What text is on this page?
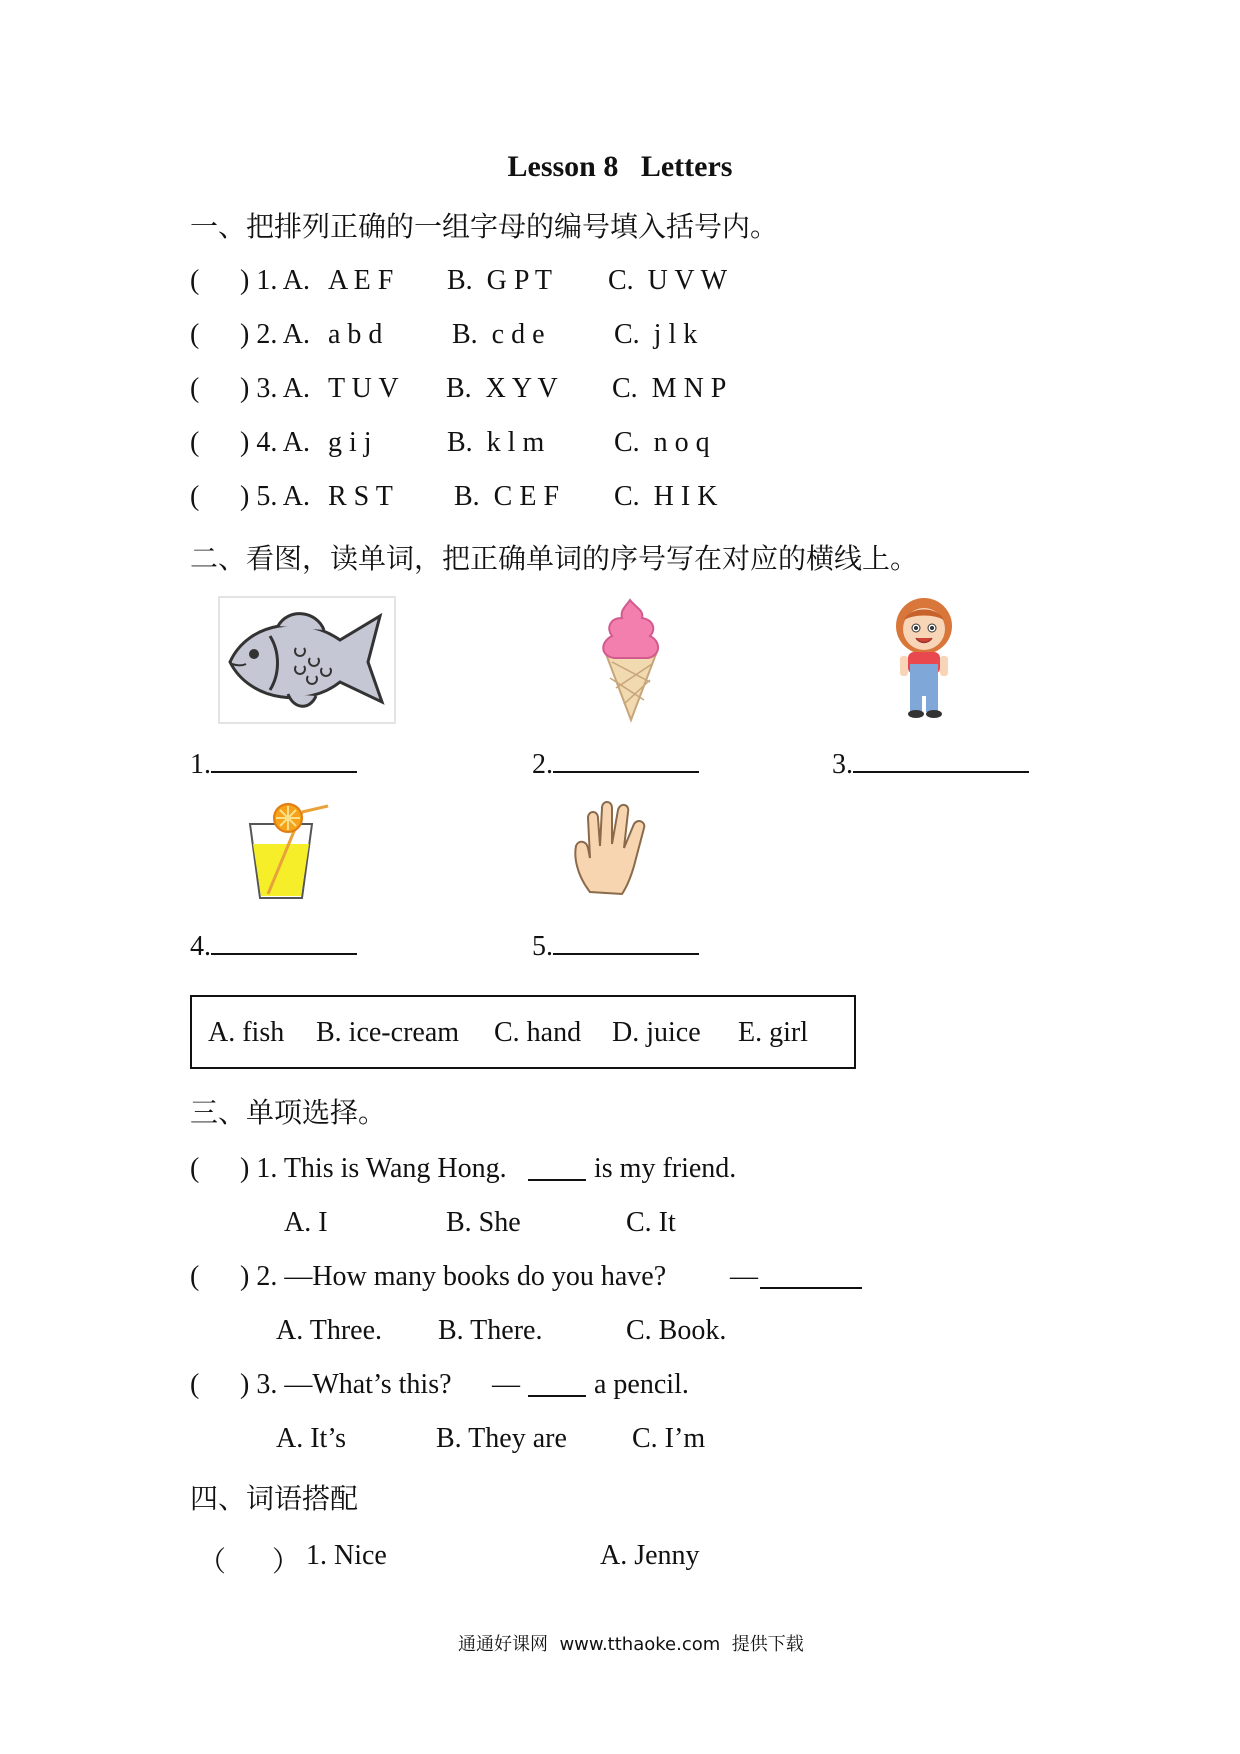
Lesson 8   Letters
一、把排列正确的一组字母的编号填入括号内。
( ) 1. A. A E F B.  G P T C.  U V W
( ) 2. A. a b d B.  c d e C.  j l k
( ) 3. A. T U V B.  X Y V C.  M N P
( ) 4. A. g i j	B.  k l m C.  n o q
( ) 5. A. R S T B.  C E F C.  H I K
二、看图，读单词，把正确单词的序号写在对应的横线上。
1.	2.	3.
4.	5.
A. fish B. ice-cream C. hand D. juice E. girl
三、单项选择。
( ) 1. This is Wang Hong.	is my friend.
A. I	B. She	C. It
( ) 2. —How many books do you have? —
A. Three. B. There.	C. Book.
( ) 3. —What’s this? —	a pencil.
A. It’s	B. They are C. I’m
四、词语搭配
（ ） 1. Nice	A. Jenny
通通好课网  www.tthaoke.com  提供下载
